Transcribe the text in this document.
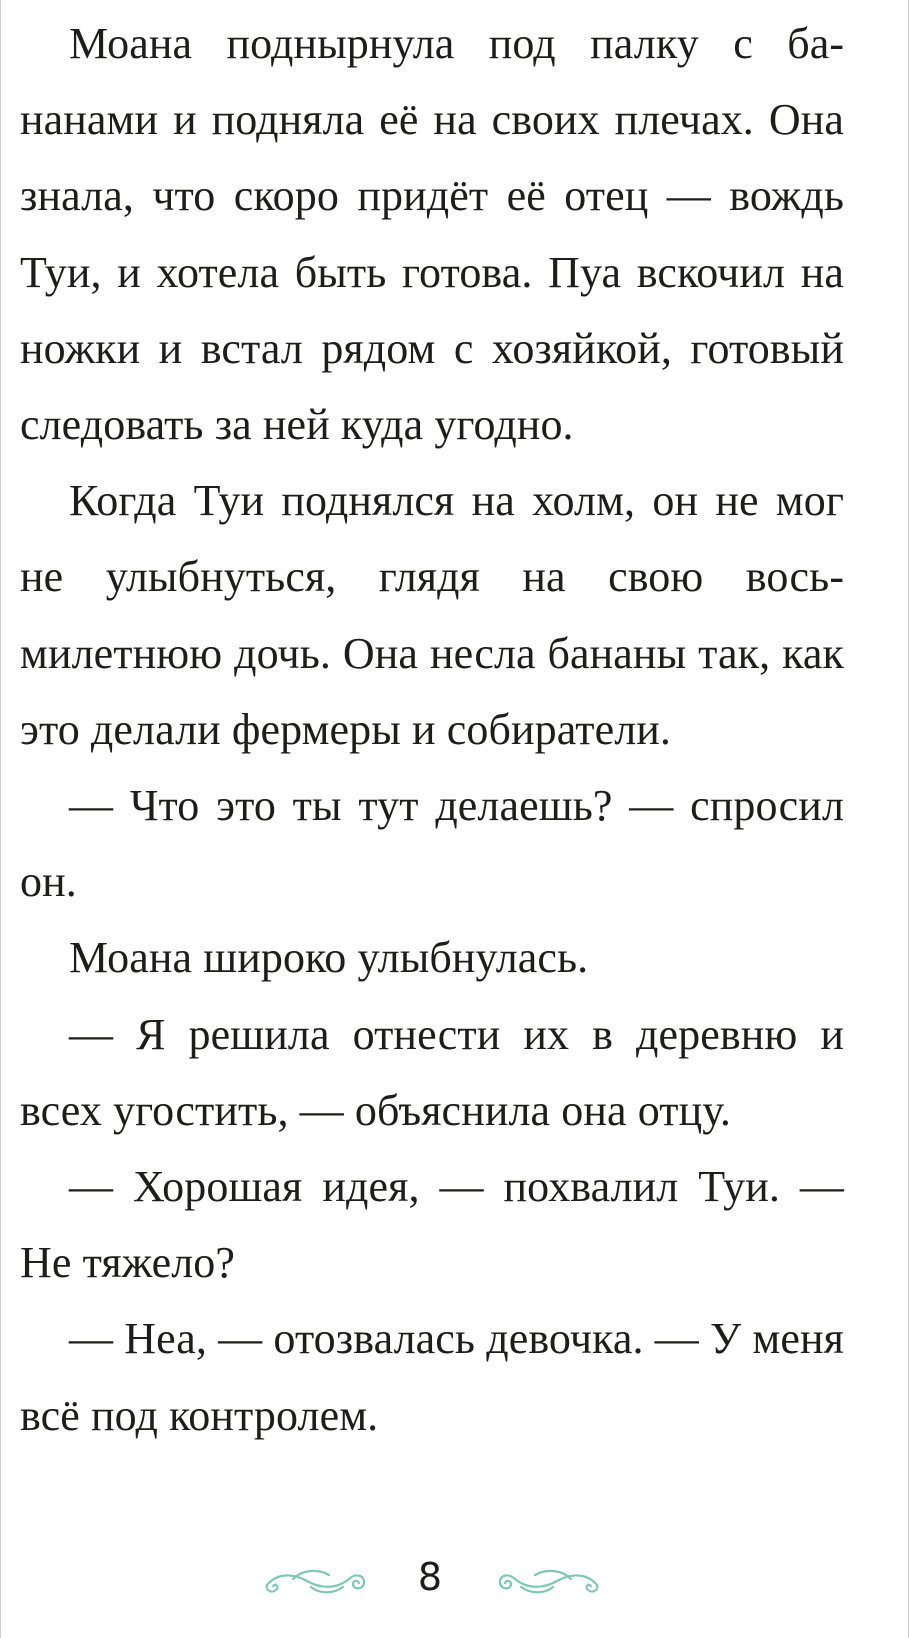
Моана поднырнула под палку с бананами и подняла её на своих плечах. Она знала, что скоро придёт её отец — вождь Туи, и хотела быть готова. Пуа вскочил на ножки и встал рядом с хозяйкой, готовый следовать за ней куда угодно.

Когда Туи поднялся на холм, он не мог не улыбнуться, глядя на свою восьмилетнюю дочь. Она несла бананы так, как это делали фермеры и собиратели.

— Что это ты тут делаешь? — спросил он.

Моана широко улыбнулась.

— Я решила отнести их в деревню и всех угостить, — объяснила она отцу.

— Хорошая идея, — похвалил Туи. — Не тяжело?

— Неа, — отозвалась девочка. — У меня всё под контролем.

8
